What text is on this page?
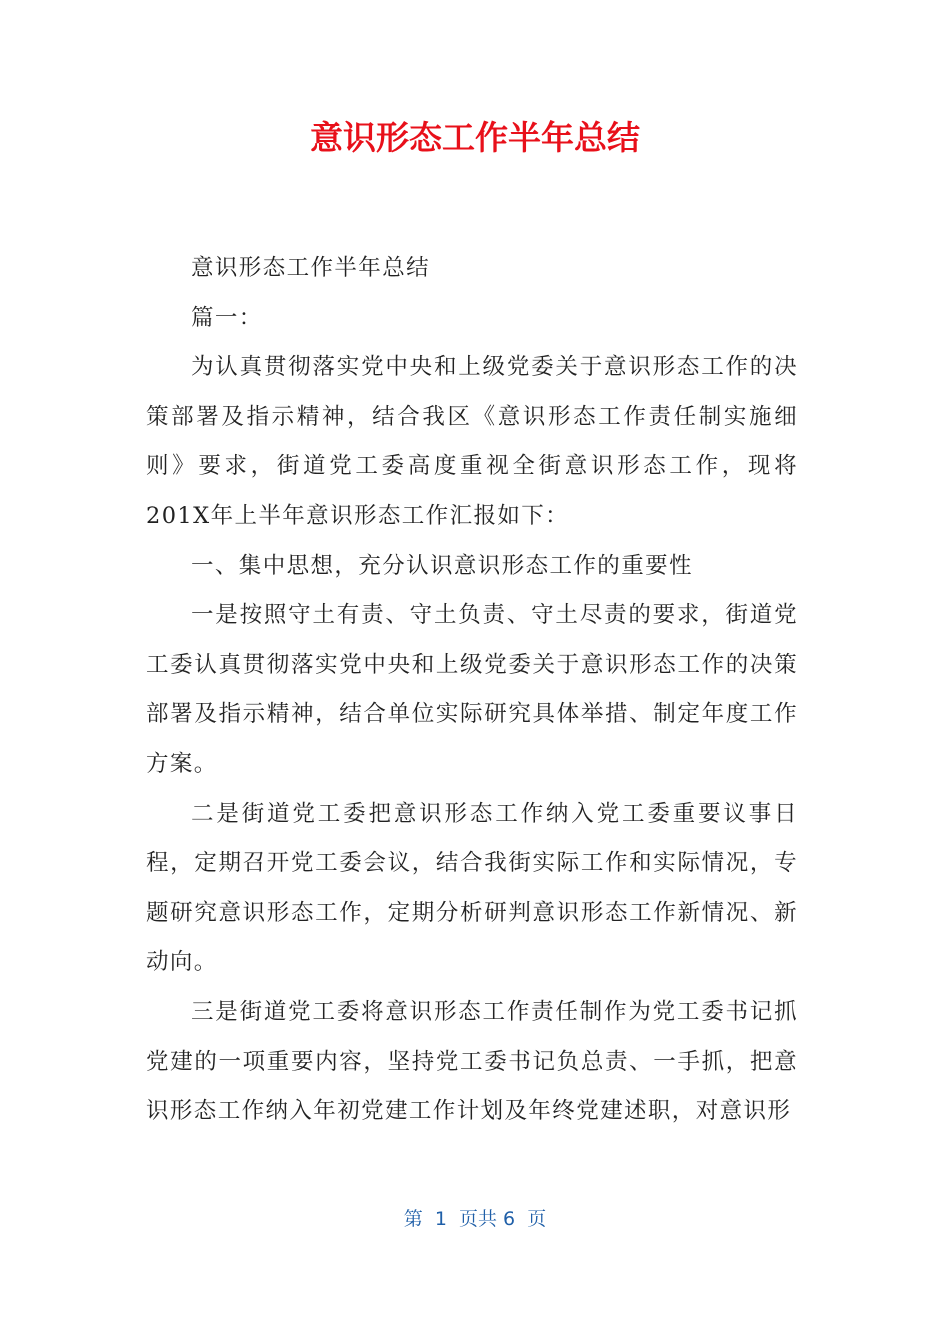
意识形态工作半年总结

意识形态工作半年总结

篇一：

为认真贯彻落实党中央和上级党委关于意识形态工作的决策部署及指示精神，结合我区《意识形态工作责任制实施细则》要求，街道党工委高度重视全街意识形态工作，现将201X年上半年意识形态工作汇报如下：

一、集中思想，充分认识意识形态工作的重要性

一是按照守土有责、守土负责、守土尽责的要求，街道党工委认真贯彻落实党中央和上级党委关于意识形态工作的决策部署及指示精神，结合单位实际研究具体举措、制定年度工作方案。

二是街道党工委把意识形态工作纳入党工委重要议事日程，定期召开党工委会议，结合我街实际工作和实际情况，专题研究意识形态工作，定期分析研判意识形态工作新情况、新动向。

三是街道党工委将意识形态工作责任制作为党工委书记抓党建的一项重要内容，坚持党工委书记负总责、一手抓，把意识形态工作纳入年初党建工作计划及年终党建述职，对意识形

第  1  页共 6  页
